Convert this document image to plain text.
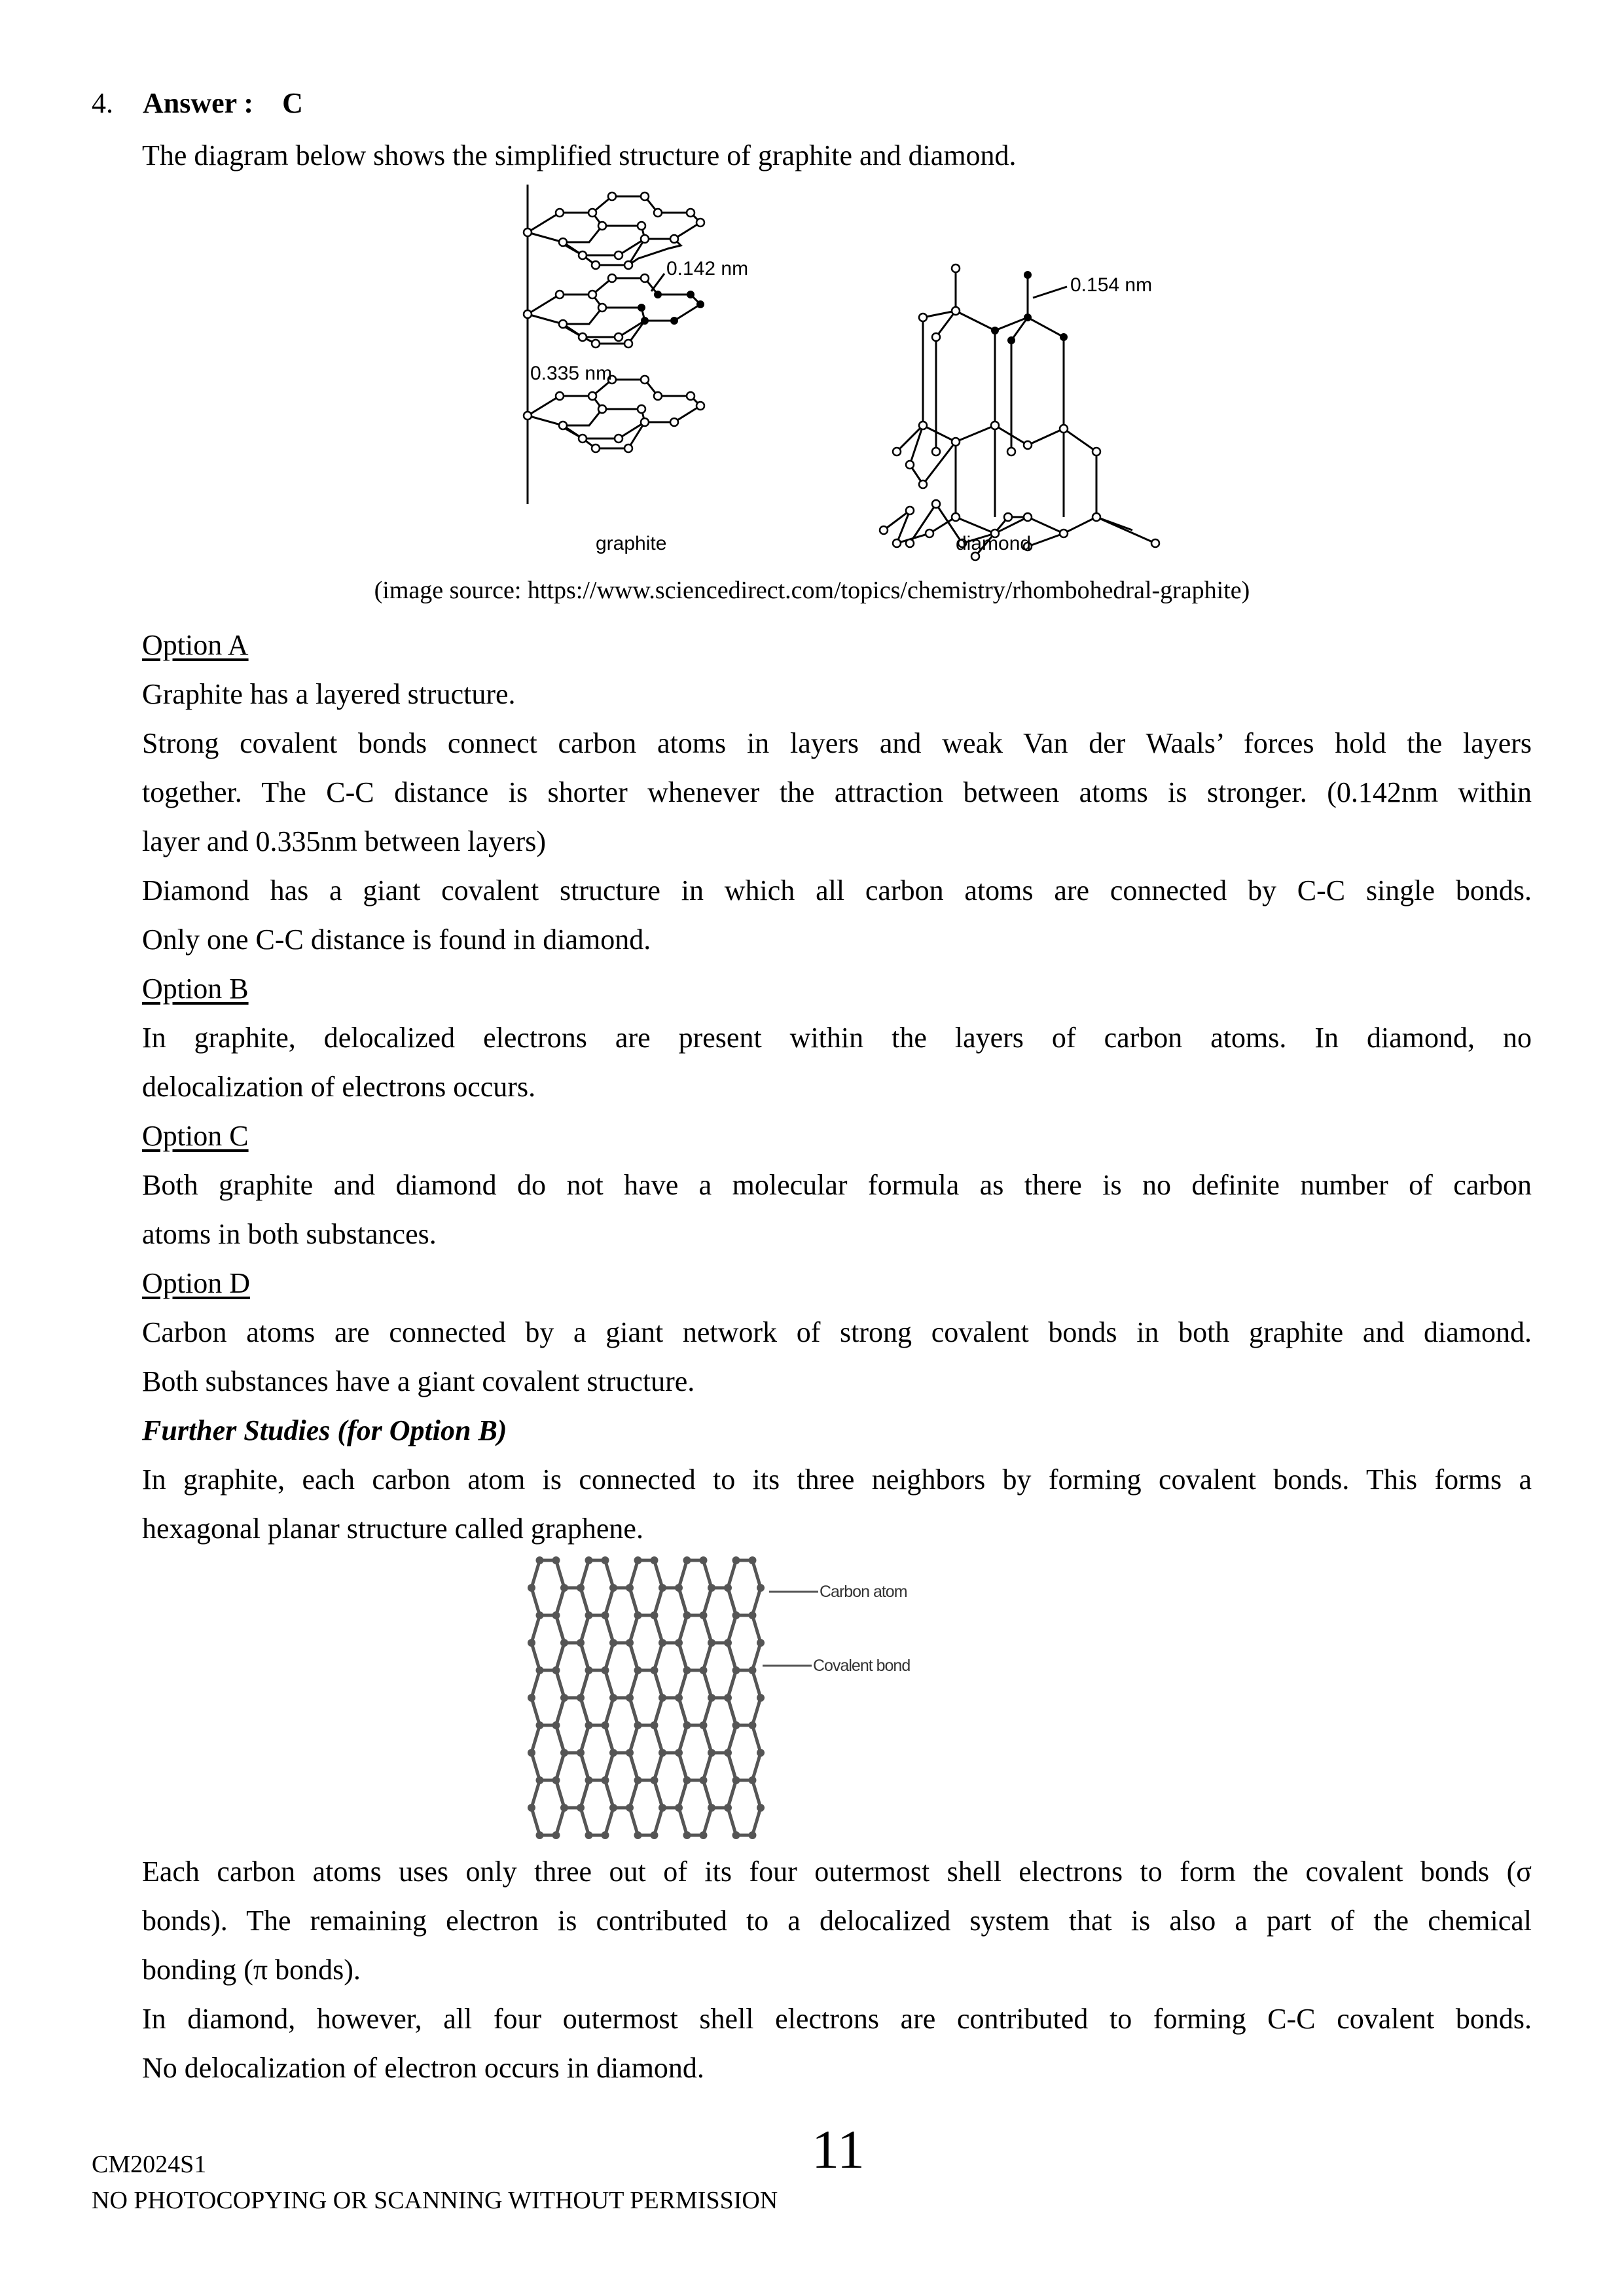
4. Answer : C
The diagram below shows the simplified structure of graphite and diamond.
0.142 nm
0.335 nm
graphite
0.154 nm
diamond
(image source: https://www.sciencedirect.com/topics/chemistry/rhombohedral-graphite)
Option A
Graphite has a layered structure.
Strong covalent bonds connect carbon atoms in layers and weak Van der Waals’ forces hold the layers
together. The C-C distance is shorter whenever the attraction between atoms is stronger. (0.142nm within
layer and 0.335nm between layers)
Diamond has a giant covalent structure in which all carbon atoms are connected by C-C single bonds.
Only one C-C distance is found in diamond.
Option B
In graphite, delocalized electrons are present within the layers of carbon atoms. In diamond, no
delocalization of electrons occurs.
Option C
Both graphite and diamond do not have a molecular formula as there is no definite number of carbon
atoms in both substances.
Option D
Carbon atoms are connected by a giant network of strong covalent bonds in both graphite and diamond.
Both substances have a giant covalent structure.
Further Studies (for Option B)
In graphite, each carbon atom is connected to its three neighbors by forming covalent bonds. This forms a
hexagonal planar structure called graphene.
Carbon atom
Covalent bond
Each carbon atoms uses only three out of its four outermost shell electrons to form the covalent bonds (σ
bonds). The remaining electron is contributed to a delocalized system that is also a part of the chemical
bonding (π bonds).
In diamond, however, all four outermost shell electrons are contributed to forming C-C covalent bonds.
No delocalization of electron occurs in diamond.
CM2024S1	11
NO PHOTOCOPYING OR SCANNING WITHOUT PERMISSION
